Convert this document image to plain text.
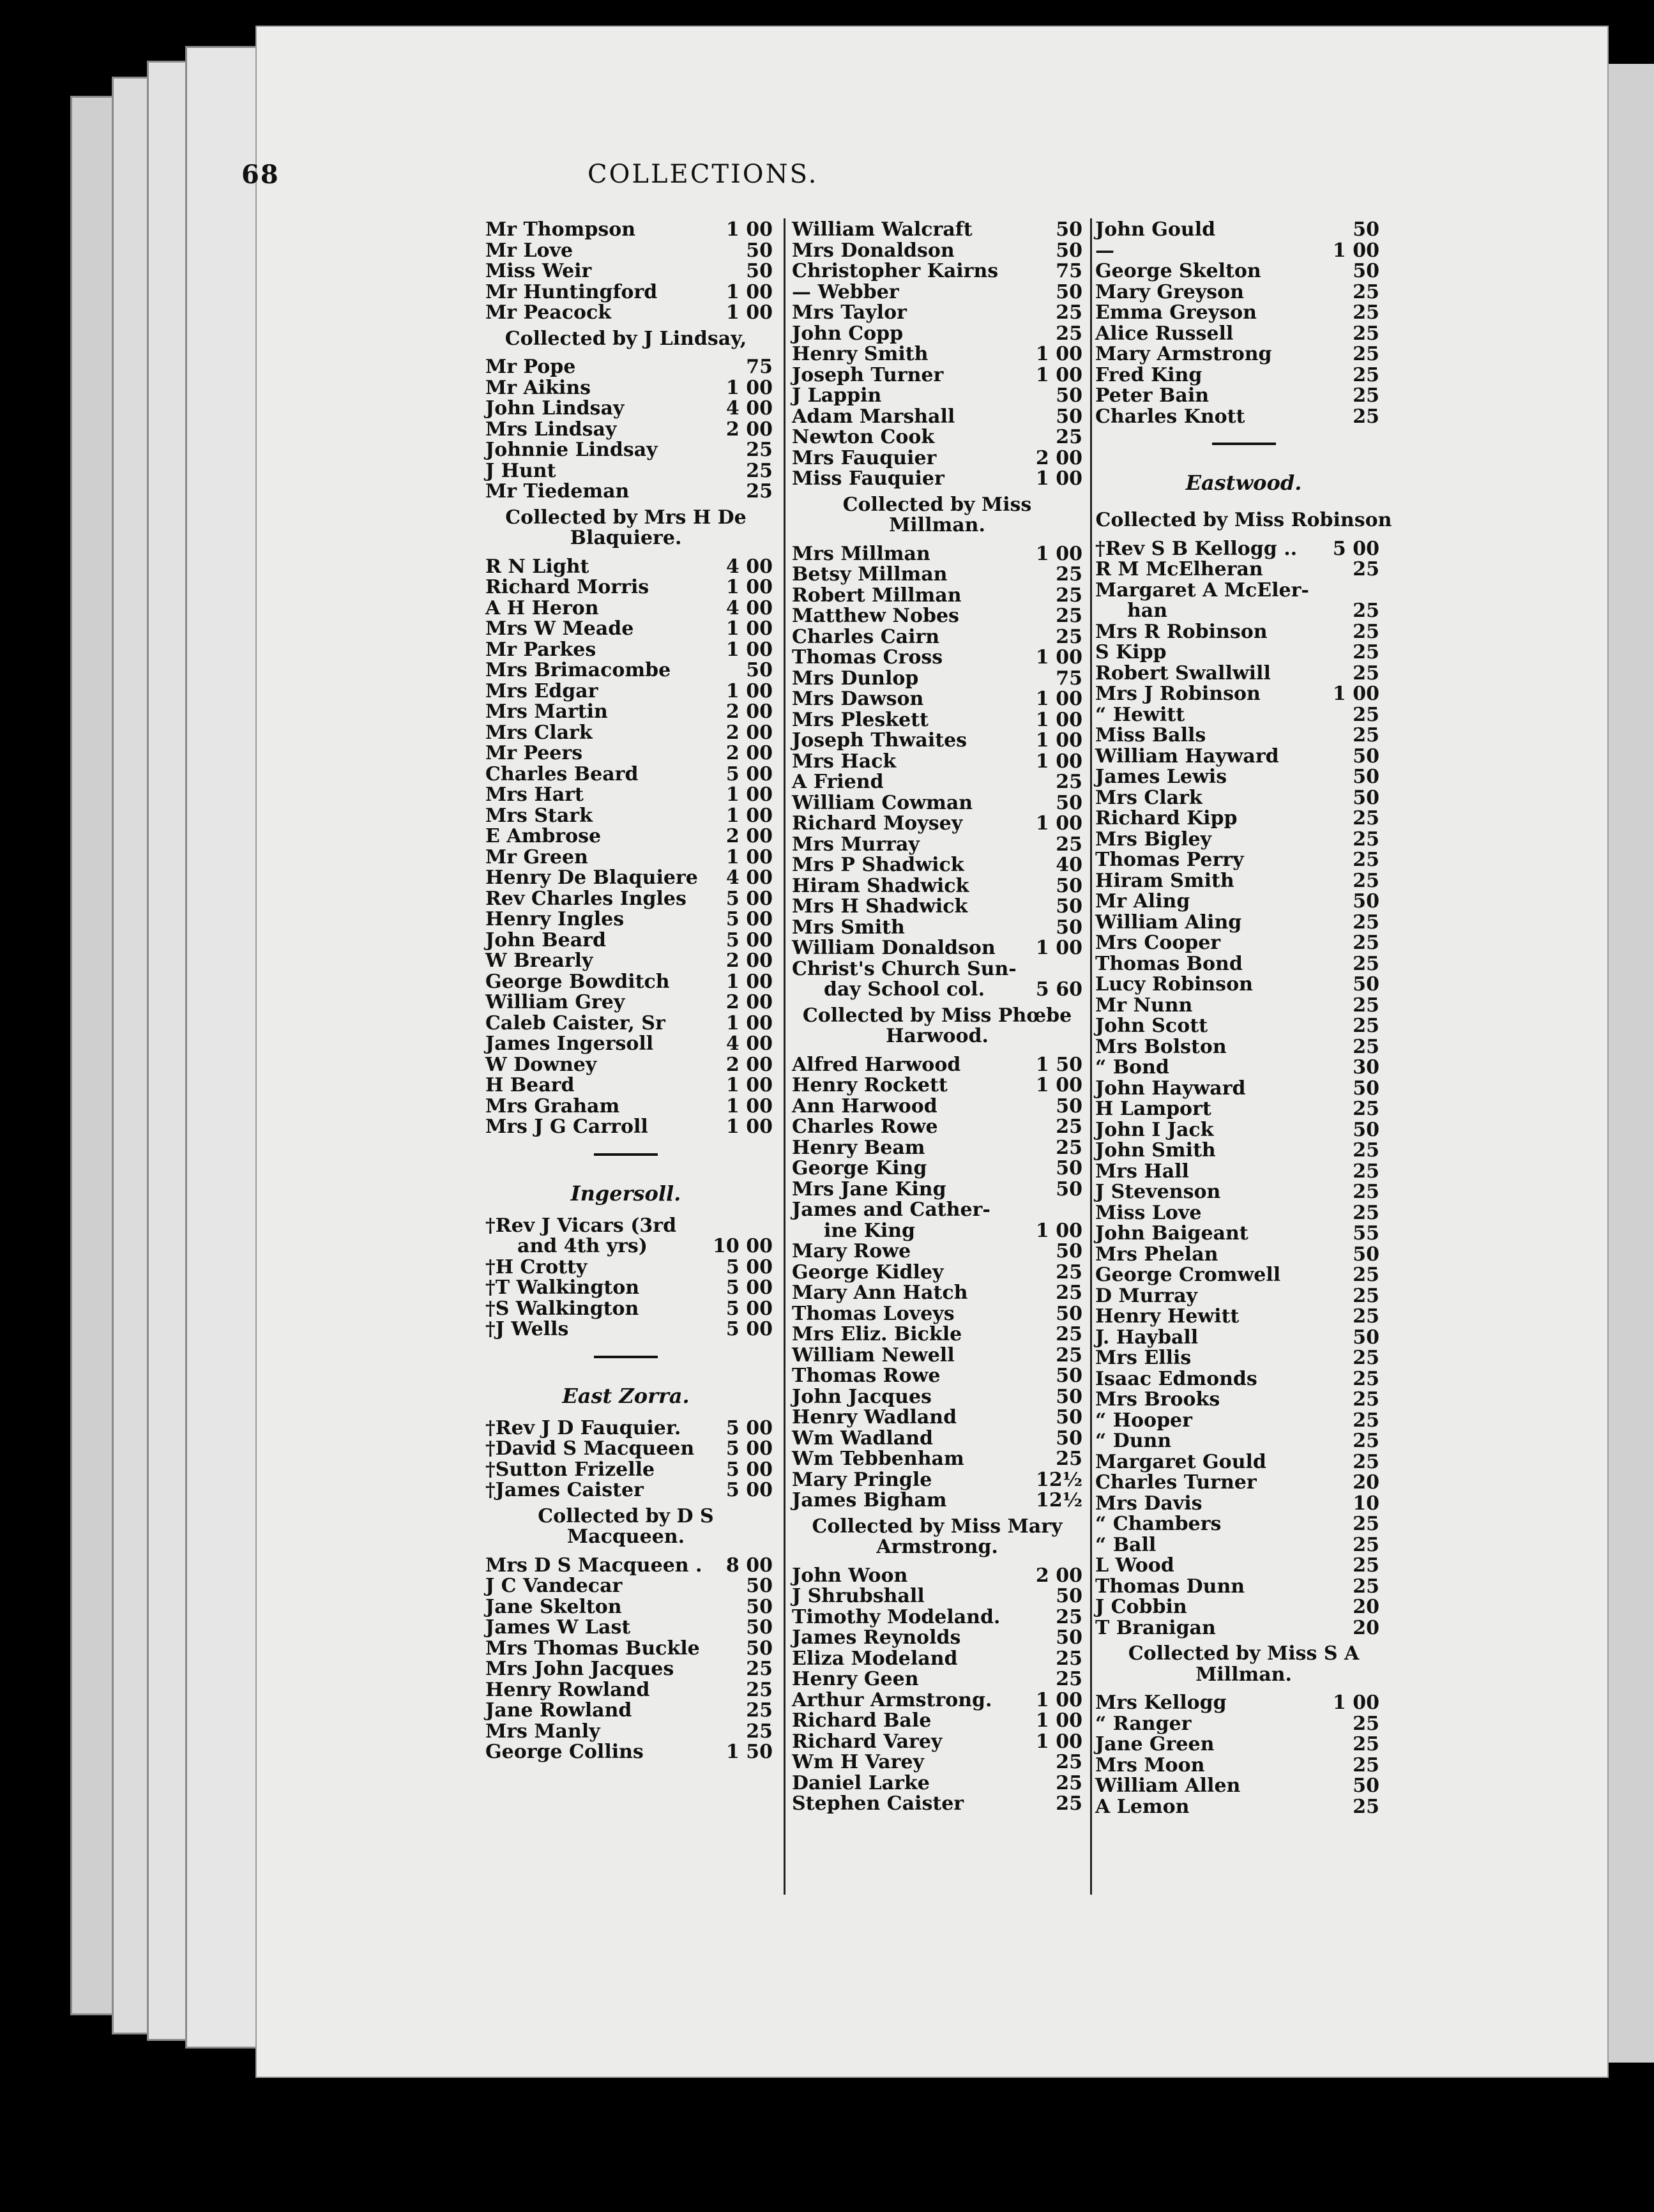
68	COLLECTIONS.
Mr Thompson	1 00
Mr Love	50
Miss Weir	50
Mr Huntingford	1 00
Mr Peacock	1 00
Collected by J Lindsay,
Mr Pope	75
Mr Aikins	1 00
John Lindsay	4 00
Mrs Lindsay	2 00
Johnnie Lindsay	25
J Hunt	25
Mr Tiedeman	25
Collected by Mrs H De Blaquiere.
R N Light	4 00
Richard Morris	1 00
A H Heron	4 00
Mrs W Meade	1 00
Mr Parkes	1 00
Mrs Brimacombe	50
Mrs Edgar	1 00
Mrs Martin	2 00
Mrs Clark	2 00
Mr Peers	2 00
Charles Beard	5 00
Mrs Hart	1 00
Mrs Stark	1 00
E Ambrose	2 00
Mr Green	1 00
Henry De Blaquiere 4 00
Rev Charles Ingles 5 00
Henry Ingles	5 00
John Beard	5 00
W Brearly	2 00
George Bowditch	1 00
William Grey	2 00
Caleb Caister, Sr	1 00
James Ingersoll	4 00
W Downey	2 00
H Beard	1 00
Mrs Graham	1 00
Mrs J G Carroll	1 00
Ingersoll.
†Rev J Vicars (3rd
and 4th yrs)	10 00
†H Crotty	5 00
†T Walkington	5 00
†S Walkington	5 00
†J Wells	5 00
East Zorra.
†Rev J D Fauquier. 5 00
†David S Macqueen 5 00
†Sutton Frizelle	5 00
†James Caister	5 00
Collected by D S Macqueen.
Mrs D S Macqueen . 8 00
J C Vandecar	50
Jane Skelton	50
James W Last	50
Mrs Thomas Buckle 50
Mrs John Jacques	25
Henry Rowland	25
Jane Rowland	25
Mrs Manly	25
George Collins	1 50
William Walcraft	50
Mrs Donaldson	50
Christopher Kairns	75
— Webber	50
Mrs Taylor	25
John Copp	25
Henry Smith	1 00
Joseph Turner	1 00
J Lappin	50
Adam Marshall	50
Newton Cook	25
Mrs Fauquier	2 00
Miss Fauquier	1 00
Collected by Miss Millman.
Mrs Millman	1 00
Betsy Millman	25
Robert Millman	25
Matthew Nobes	25
Charles Cairn	25
Thomas Cross	1 00
Mrs Dunlop	75
Mrs Dawson	1 00
Mrs Pleskett	1 00
Joseph Thwaites	1 00
Mrs Hack	1 00
A Friend	25
William Cowman	50
Richard Moysey	1 00
Mrs Murray	25
Mrs P Shadwick	40
Hiram Shadwick	50
Mrs H Shadwick	50
Mrs Smith	50
William Donaldson 1 00
Christ's Church Sun-
day School col.	5 60
Collected by Miss Phœbe Harwood.
Alfred Harwood	1 50
Henry Rockett	1 00
Ann Harwood	50
Charles Rowe	25
Henry Beam	25
George King	50
Mrs Jane King	50
James and Cather-
ine King	1 00
Mary Rowe	50
George Kidley	25
Mary Ann Hatch	25
Thomas Loveys	50
Mrs Eliz. Bickle	25
William Newell	25
Thomas Rowe	50
John Jacques	50
Henry Wadland	50
Wm Wadland	50
Wm Tebbenham	25
Mary Pringle	12½
James Bigham	12½
Collected by Miss Mary Armstrong.
John Woon	2 00
J Shrubshall	50
Timothy Modeland.	25
James Reynolds	50
Eliza Modeland	25
Henry Geen	25
Arthur Armstrong. 1 00
Richard Bale	1 00
Richard Varey	1 00
Wm H Varey	25
Daniel Larke	25
Stephen Caister	25
John Gould	50
—	1 00
George Skelton	50
Mary Greyson	25
Emma Greyson	25
Alice Russell	25
Mary Armstrong	25
Fred King	25
Peter Bain	25
Charles Knott	25
Eastwood.
Collected by Miss Robinson
†Rev S B Kellogg .. 5 00
R M McElheran	25
Margaret A McEler-
han	25
Mrs R Robinson	25
S Kipp	25
Robert Swallwill	25
Mrs J Robinson	1 00
“ Hewitt	25
Miss Balls	25
William Hayward	50
James Lewis	50
Mrs Clark	50
Richard Kipp	25
Mrs Bigley	25
Thomas Perry	25
Hiram Smith	25
Mr Aling	50
William Aling	25
Mrs Cooper	25
Thomas Bond	25
Lucy Robinson	50
Mr Nunn	25
John Scott	25
Mrs Bolston	25
“ Bond	30
John Hayward	50
H Lamport	25
John I Jack	50
John Smith	25
Mrs Hall	25
J Stevenson	25
Miss Love	25
John Baigeant	55
Mrs Phelan	50
George Cromwell	25
D Murray	25
Henry Hewitt	25
J. Hayball	50
Mrs Ellis	25
Isaac Edmonds	25
Mrs Brooks	25
“ Hooper	25
“ Dunn	25
Margaret Gould	25
Charles Turner	20
Mrs Davis	10
“ Chambers	25
“ Ball	25
L Wood	25
Thomas Dunn	25
J Cobbin	20
T Branigan	20
Collected by Miss S A Millman.
Mrs Kellogg	1 00
“ Ranger	25
Jane Green	25
Mrs Moon	25
William Allen	50
A Lemon	25
